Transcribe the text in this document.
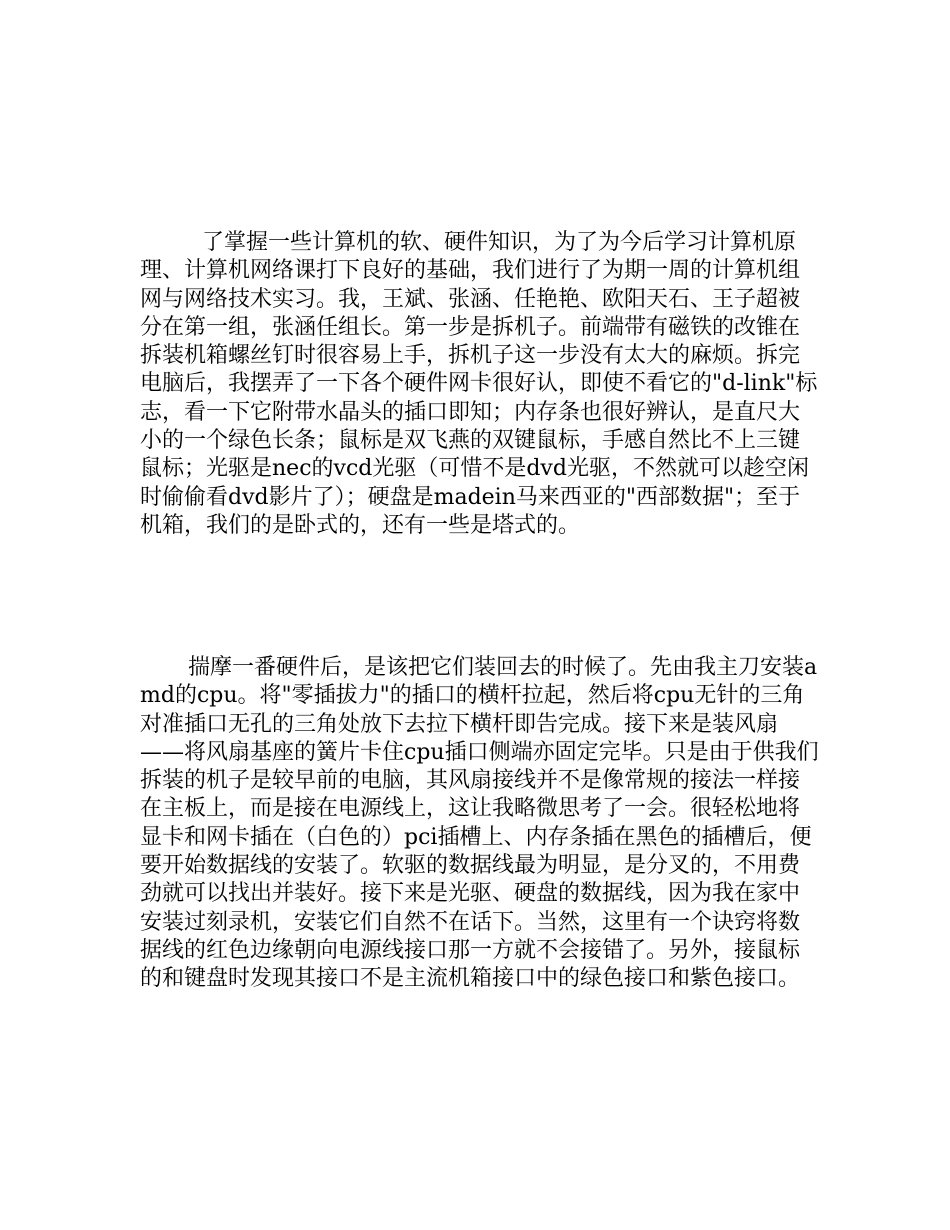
了掌握一些计算机的软、硬件知识，为了为今后学习计算机原理、计算机网络课打下良好的基础，我们进行了为期一周的计算机组网与网络技术实习。我，王斌、张涵、任艳艳、欧阳天石、王子超被分在第一组，张涵任组长。第一步是拆机子。前端带有磁铁的改锥在拆装机箱螺丝钉时很容易上手，拆机子这一步没有太大的麻烦。拆完电脑后，我摆弄了一下各个硬件网卡很好认，即使不看它的"d-link"标志，看一下它附带水晶头的插口即知；内存条也很好辨认，是直尺大小的一个绿色长条；鼠标是双飞燕的双键鼠标，手感自然比不上三键鼠标；光驱是nec的vcd光驱（可惜不是dvd光驱，不然就可以趁空闲时偷偷看dvd影片了）；硬盘是madein马来西亚的"西部数据"；至于机箱，我们的是卧式的，还有一些是塔式的。

揣摩一番硬件后，是该把它们装回去的时候了。先由我主刀安装amd的cpu。将"零插拔力"的插口的横杆拉起，然后将cpu无针的三角对准插口无孔的三角处放下去拉下横杆即告完成。接下来是装风扇——将风扇基座的簧片卡住cpu插口侧端亦固定完毕。只是由于供我们拆装的机子是较早前的电脑，其风扇接线并不是像常规的接法一样接在主板上，而是接在电源线上，这让我略微思考了一会。很轻松地将显卡和网卡插在（白色的）pci插槽上、内存条插在黑色的插槽后，便要开始数据线的安装了。软驱的数据线最为明显，是分叉的，不用费劲就可以找出并装好。接下来是光驱、硬盘的数据线，因为我在家中安装过刻录机，安装它们自然不在话下。当然，这里有一个诀窍将数据线的红色边缘朝向电源线接口那一方就不会接错了。另外，接鼠标的和键盘时发现其接口不是主流机箱接口中的绿色接口和紫色接口。
